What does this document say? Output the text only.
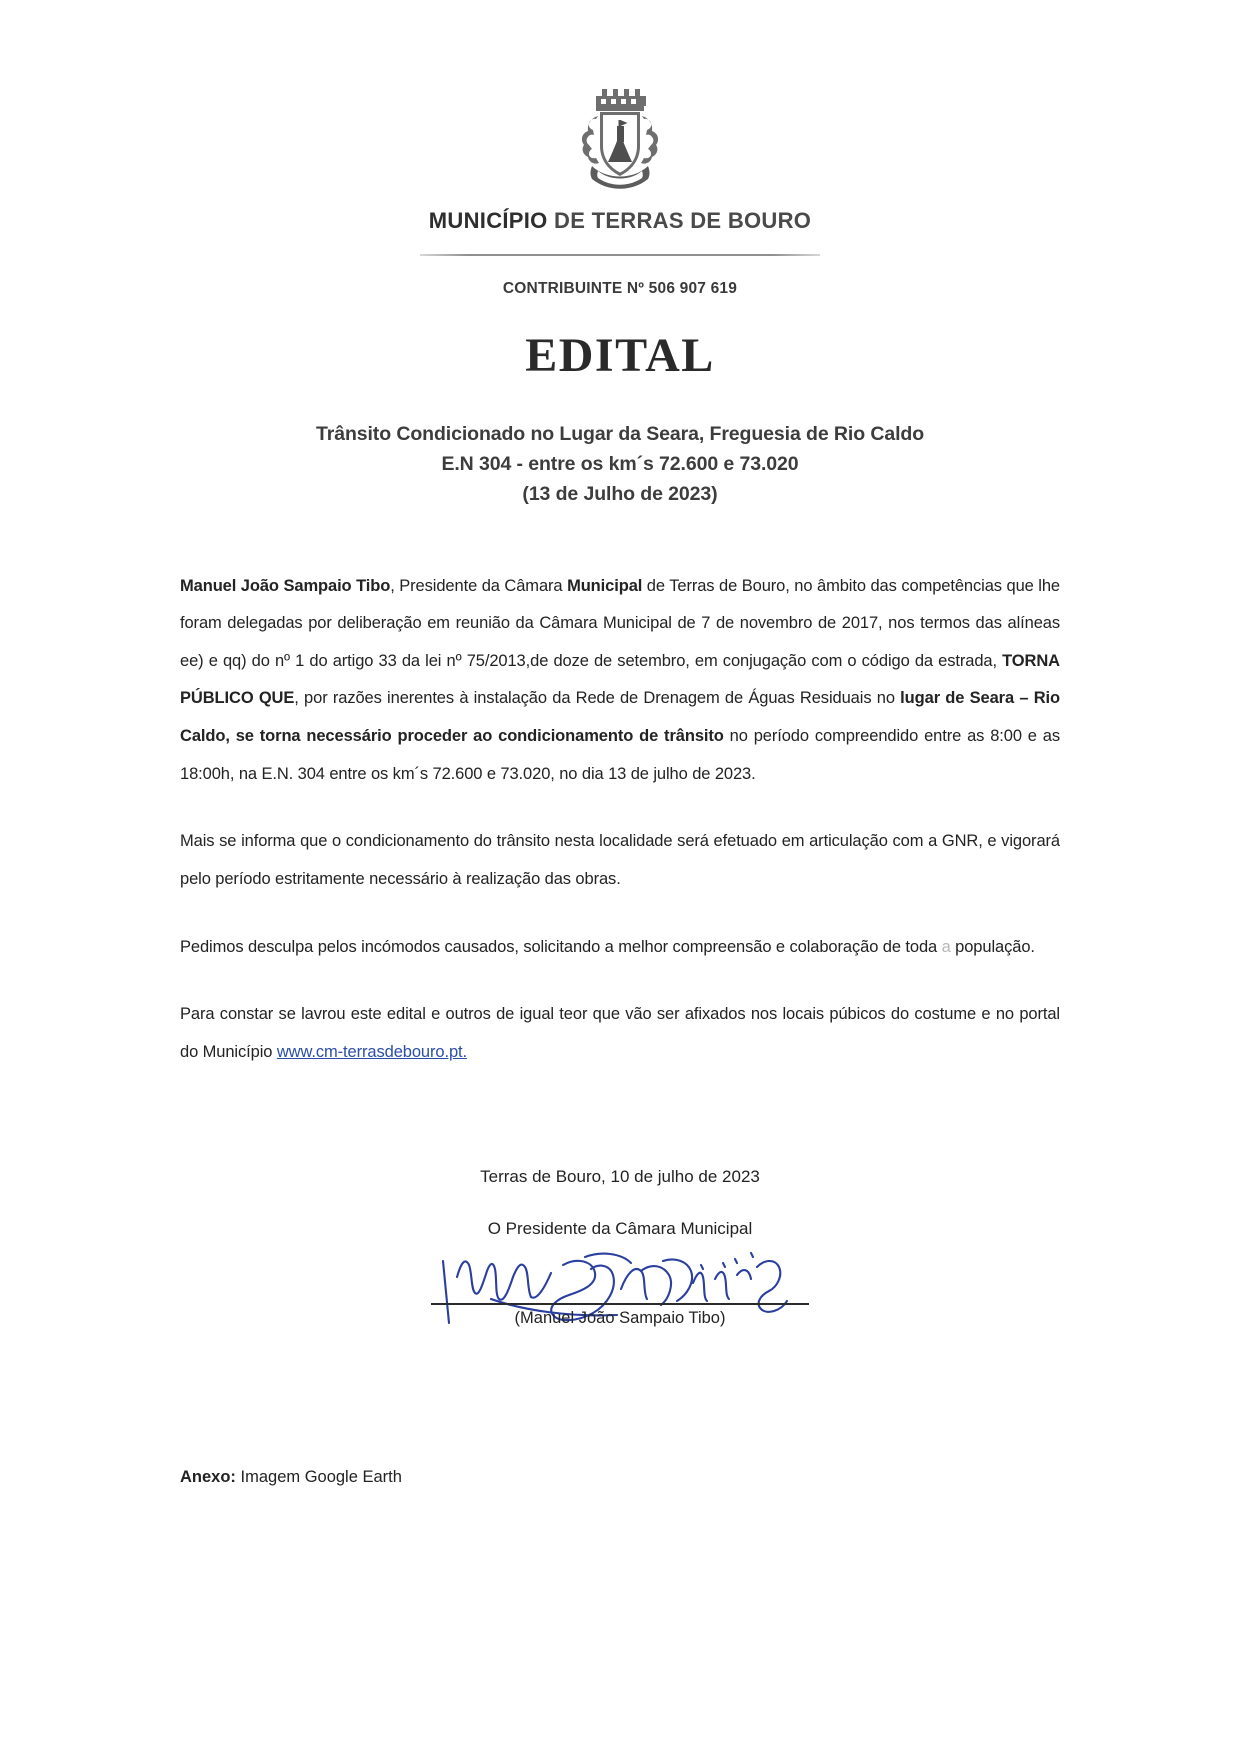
MUNICÍPIO DE TERRAS DE BOURO
CONTRIBUINTE Nº 506 907 619
EDITAL
Trânsito Condicionado no Lugar da Seara, Freguesia de Rio Caldo
E.N 304 - entre os km´s 72.600 e 73.020
(13 de Julho de 2023)

Manuel João Sampaio Tibo, Presidente da Câmara Municipal de Terras de Bouro, no âmbito das competências que lhe foram delegadas por deliberação em reunião da Câmara Municipal de 7 de novembro de 2017, nos termos das alíneas ee) e qq) do nº 1 do artigo 33 da lei nº 75/2013,de doze de setembro, em conjugação com o código da estrada, TORNA PÚBLICO QUE, por razões inerentes à instalação da Rede de Drenagem de Águas Residuais no lugar de Seara – Rio Caldo, se torna necessário proceder ao condicionamento de trânsito no período compreendido entre as 8:00 e as 18:00h, na E.N. 304 entre os km´s 72.600 e 73.020, no dia 13 de julho de 2023.

Mais se informa que o condicionamento do trânsito nesta localidade será efetuado em articulação com a GNR, e vigorará pelo período estritamente necessário à realização das obras.

Pedimos desculpa pelos incómodos causados, solicitando a melhor compreensão e colaboração de toda a população.

Para constar se lavrou este edital e outros de igual teor que vão ser afixados nos locais púbicos do costume e no portal do Município www.cm-terrasdebouro.pt.

Terras de Bouro, 10 de julho de 2023
O Presidente da Câmara Municipal
(Manuel João Sampaio Tibo)
Anexo: Imagem Google Earth
